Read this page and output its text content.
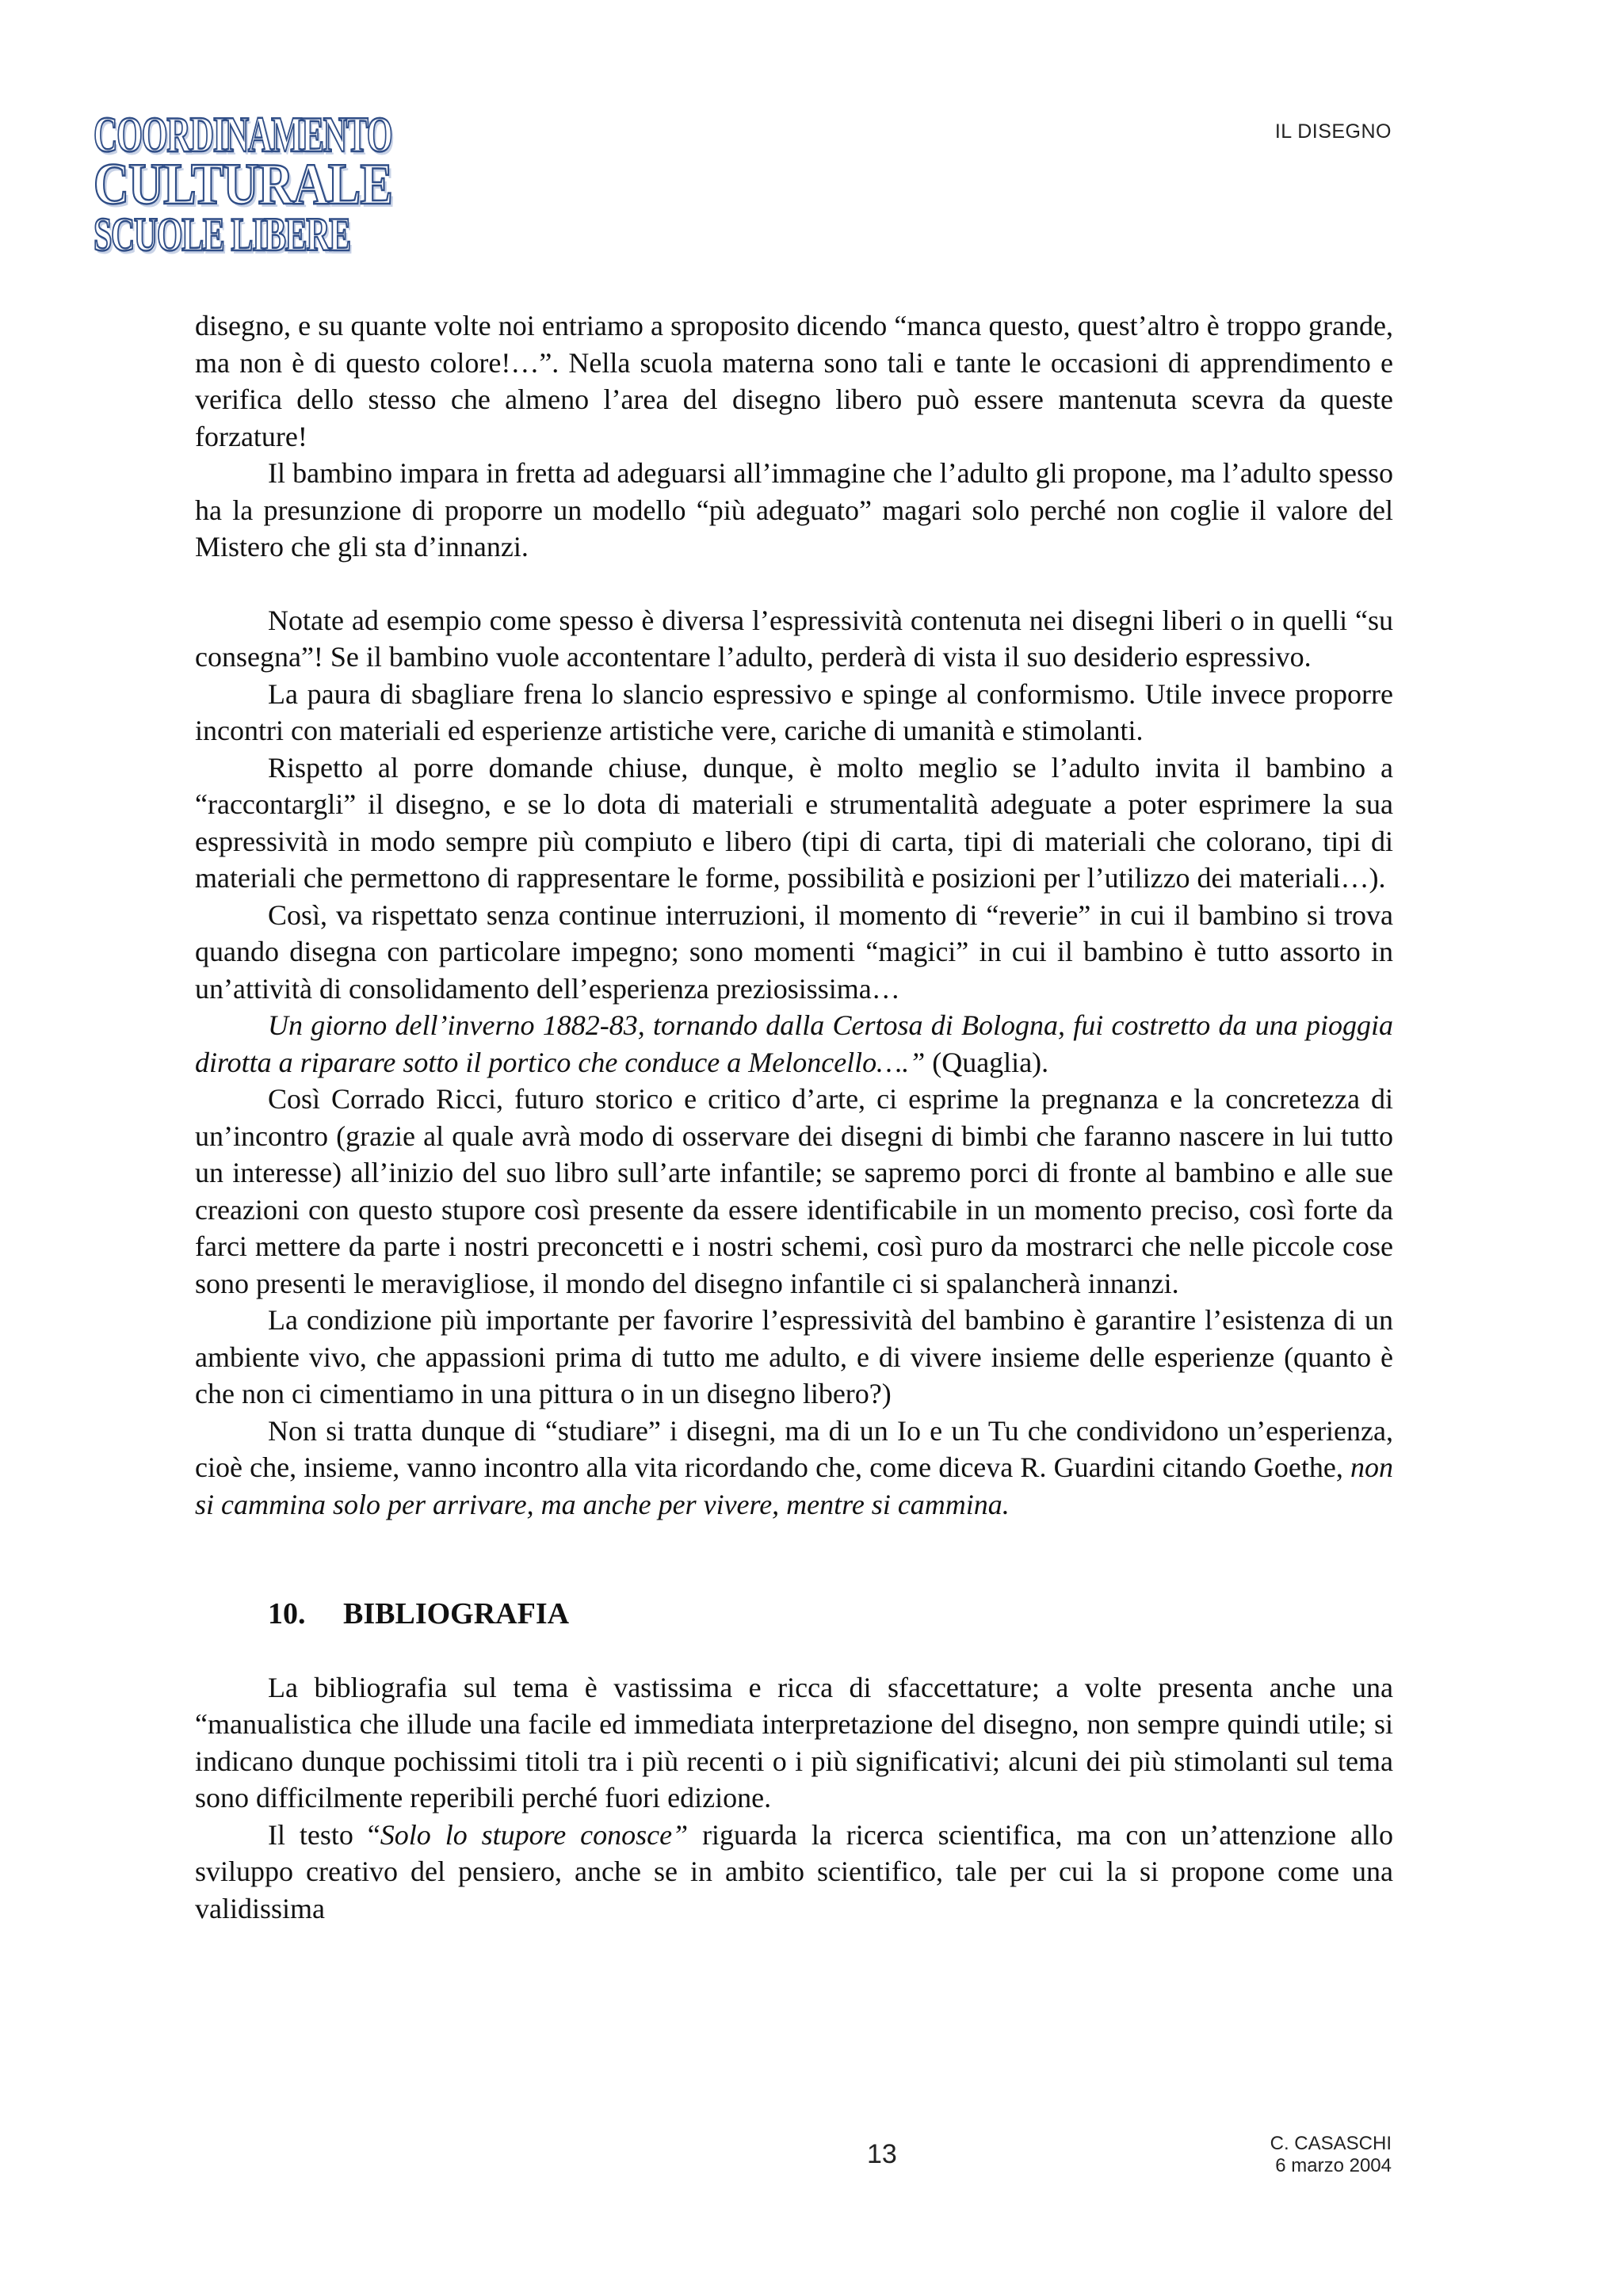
COORDINAMENTO
CULTURALE
SCUOLE LIBERE
IL DISEGNO

disegno, e su quante volte noi entriamo a sproposito dicendo “manca questo, quest’altro è troppo grande, ma non è di questo colore!…”. Nella scuola materna sono tali e tante le occasioni di apprendimento e verifica dello stesso che almeno l’area del disegno libero può essere mantenuta scevra da queste forzature!

Il bambino impara in fretta ad adeguarsi all’immagine che l’adulto gli propone, ma l’adulto spesso ha la presunzione di proporre un modello “più adeguato” magari solo perché non coglie il valore del Mistero che gli sta d’innanzi.

Notate ad esempio come spesso è diversa l’espressività contenuta nei disegni liberi o in quelli “su consegna”! Se il bambino vuole accontentare l’adulto, perderà di vista il suo desiderio espressivo.

La paura di sbagliare frena lo slancio espressivo e spinge al conformismo. Utile invece proporre incontri con materiali ed esperienze artistiche vere, cariche di umanità e stimolanti.

Rispetto al porre domande chiuse, dunque, è molto meglio se l’adulto invita il bambino a “raccontargli” il disegno, e se lo dota di materiali e strumentalità adeguate a poter esprimere la sua espressività in modo sempre più compiuto e libero (tipi di carta, tipi di materiali che colorano, tipi di materiali che permettono di rappresentare le forme, possibilità e posizioni per l’utilizzo dei materiali…).

Così, va rispettato senza continue interruzioni, il momento di “reverie” in cui il bambino si trova quando disegna con particolare impegno; sono momenti “magici” in cui il bambino è tutto assorto in un’attività di consolidamento dell’esperienza preziosissima…

Un giorno dell’inverno 1882-83, tornando dalla Certosa di Bologna, fui costretto da una pioggia dirotta a riparare sotto il portico che conduce a Meloncello….” (Quaglia).

Così Corrado Ricci, futuro storico e critico d’arte, ci esprime la pregnanza e la concretezza di un’incontro (grazie al quale avrà modo di osservare dei disegni di bimbi che faranno nascere in lui tutto un interesse) all’inizio del suo libro sull’arte infantile; se sapremo porci di fronte al bambino e alle sue creazioni con questo stupore così presente da essere identificabile in un momento preciso, così forte da farci mettere da parte i nostri preconcetti e i nostri schemi, così puro da mostrarci che nelle piccole cose sono presenti le meravigliose, il mondo del disegno infantile ci si spalancherà innanzi.

La condizione più importante per favorire l’espressività del bambino è garantire l’esistenza di un ambiente vivo, che appassioni prima di tutto me adulto, e di vivere insieme delle esperienze (quanto è che non ci cimentiamo in una pittura o in un disegno libero?)

Non si tratta dunque di “studiare” i disegni, ma di un Io e un Tu che condividono un’esperienza, cioè che, insieme, vanno incontro alla vita ricordando che, come diceva R. Guardini citando Goethe, non si cammina solo per arrivare, ma anche per vivere, mentre si cammina.

10. BIBLIOGRAFIA

La bibliografia sul tema è vastissima e ricca di sfaccettature; a volte presenta anche una “manualistica che illude una facile ed immediata interpretazione del disegno, non sempre quindi utile; si indicano dunque pochissimi titoli tra i più recenti o i più significativi; alcuni dei più stimolanti sul tema sono difficilmente reperibili perché fuori edizione.

Il testo “Solo lo stupore conosce” riguarda la ricerca scientifica, ma con un’attenzione allo sviluppo creativo del pensiero, anche se in ambito scientifico, tale per cui la si propone come una validissima

13	C. CASASCHI
6 marzo 2004
